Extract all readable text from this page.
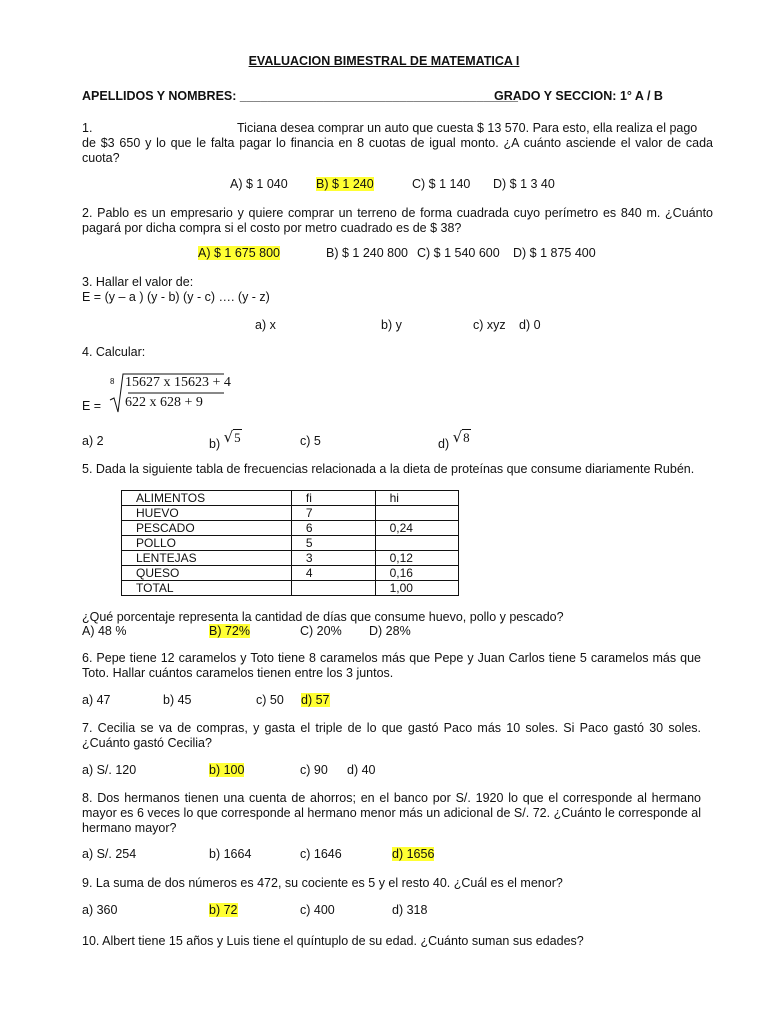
EVALUACION BIMESTRAL DE MATEMATICA I
APELLIDOS Y NOMBRES: ________________________________________
GRADO Y SECCION: 1° A / B
1.	Ticiana desea comprar un auto que cuesta $ 13 570. Para esto, ella realiza el pago
de $3 650 y lo que le falta pagar lo financia en 8 cuotas de igual monto. ¿A cuánto asciende el valor de cada cuota?
A) $ 1 040 B) $ 1 240	C) $ 1 140 D) $ 1 3 40
2. Pablo es un empresario y quiere comprar un terreno de forma cuadrada cuyo perímetro es 840 m. ¿Cuánto pagará por dicha compra si el costo por metro cuadrado es de $ 38?
A) $ 1 675 800	B) $ 1 240 800 C) $ 1 540 600 D) $ 1 875 400
3. Hallar el valor de:
E = (y – a ) (y - b) (y - c) …. (y - z)
a) x	b) y	c) xyz d) 0
4. Calcular:
E =
8 15627 x 15623 + 4
622 x 628 + 9
a) 2	b) √5	c) 5	d) √8
5. Dada la siguiente tabla de frecuencias relacionada a la dieta de proteínas que consume diariamente Rubén.
ALIMENTOS	fi	hi
HUEVO	7	
PESCADO	6	0,24
POLLO	5	
LENTEJAS	3	0,12
QUESO	4	0,16
TOTAL		1,00
¿Qué porcentaje representa la cantidad de días que consume huevo, pollo y pescado?
A) 48 %	B) 72%	C) 20% D) 28%
6. Pepe tiene 12 caramelos y Toto tiene 8 caramelos más que Pepe y Juan Carlos tiene 5 caramelos más que Toto. Hallar cuántos caramelos tienen entre los 3 juntos.
a) 47	b) 45	c) 50 d) 57
7. Cecilia se va de compras, y gasta el triple de lo que gastó Paco más 10 soles. Si Paco gastó 30 soles. ¿Cuánto gastó Cecilia?
a) S/. 120	b) 100	c) 90 d) 40
8. Dos hermanos tienen una cuenta de ahorros; en el banco por S/. 1920 lo que el corresponde al hermano mayor es 6 veces lo que corresponde al hermano menor más un adicional de S/. 72. ¿Cuánto le corresponde al hermano mayor?
a) S/. 254	b) 1664	c) 1646	d) 1656
9. La suma de dos números es 472, su cociente es 5 y el resto 40. ¿Cuál es el menor?
a) 360	b) 72	c) 400	d) 318
10. Albert tiene 15 años y Luis tiene el quíntuplo de su edad. ¿Cuánto suman sus edades?
